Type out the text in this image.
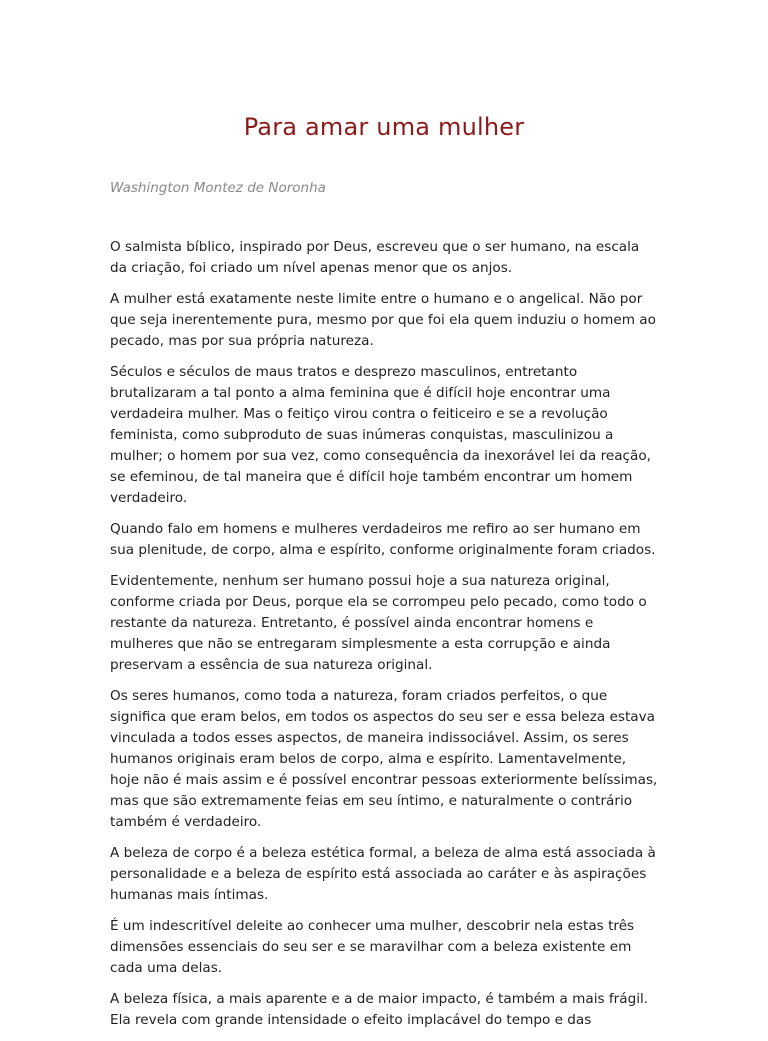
Para amar uma mulher

Washington Montez de Noronha

O salmista bíblico, inspirado por Deus, escreveu que o ser humano, na escala da criação, foi criado um nível apenas menor que os anjos.

A mulher está exatamente neste limite entre o humano e o angelical. Não por que seja inerentemente pura, mesmo por que foi ela quem induziu o homem ao pecado, mas por sua própria natureza.

Séculos e séculos de maus tratos e desprezo masculinos, entretanto brutalizaram a tal ponto a alma feminina que é difícil hoje encontrar uma verdadeira mulher. Mas o feitiço virou contra o feiticeiro e se a revolução feminista, como subproduto de suas inúmeras conquistas, masculinizou a mulher; o homem por sua vez, como consequência da inexorável lei da reação, se efeminou, de tal maneira que é difícil hoje também encontrar um homem verdadeiro.

Quando falo em homens e mulheres verdadeiros me refiro ao ser humano em sua plenitude, de corpo, alma e espírito, conforme originalmente foram criados.

Evidentemente, nenhum ser humano possui hoje a sua natureza original, conforme criada por Deus, porque ela se corrompeu pelo pecado, como todo o restante da natureza. Entretanto, é possível ainda encontrar homens e mulheres que não se entregaram simplesmente a esta corrupção e ainda preservam a essência de sua natureza original.

Os seres humanos, como toda a natureza, foram criados perfeitos, o que significa que eram belos, em todos os aspectos do seu ser e essa beleza estava vinculada a todos esses aspectos, de maneira indissociável. Assim, os seres humanos originais eram belos de corpo, alma e espírito. Lamentavelmente, hoje não é mais assim e é possível encontrar pessoas exteriormente belíssimas, mas que são extremamente feias em seu íntimo, e naturalmente o contrário também é verdadeiro.

A beleza de corpo é a beleza estética formal, a beleza de alma está associada à personalidade e a beleza de espírito está associada ao caráter e às aspirações humanas mais íntimas.

É um indescritível deleite ao conhecer uma mulher, descobrir nela estas três dimensões essenciais do seu ser e se maravilhar com a beleza existente em cada uma delas.

A beleza física, a mais aparente e a de maior impacto, é também a mais frágil. Ela revela com grande intensidade o efeito implacável do tempo e das
